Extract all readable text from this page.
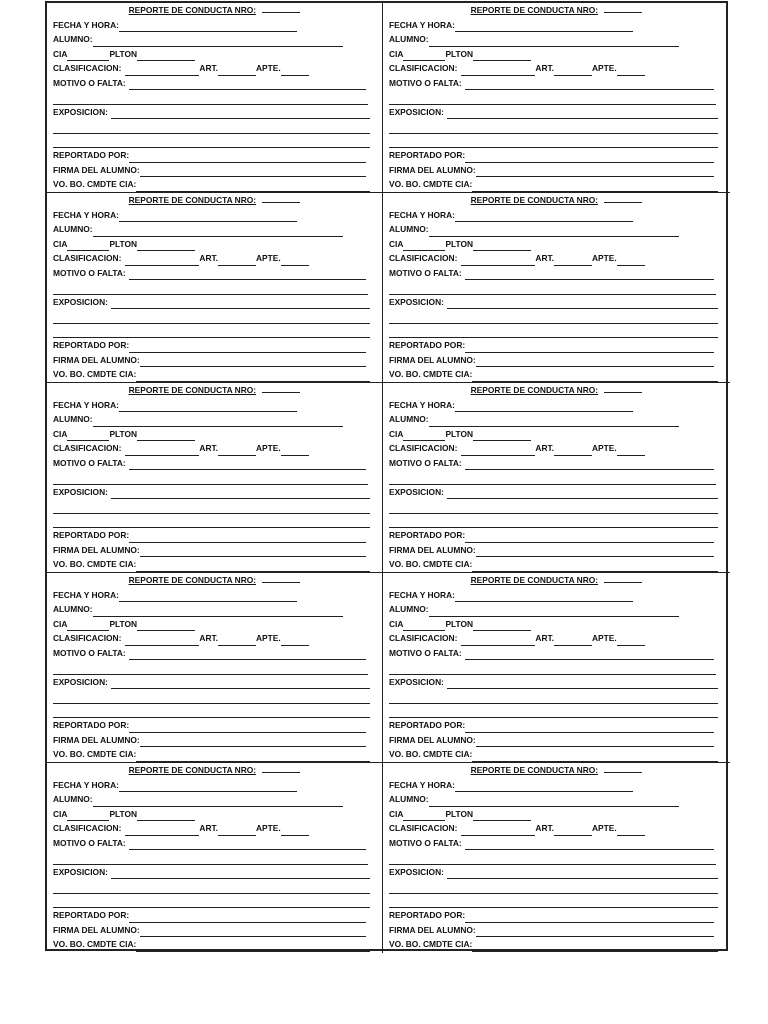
REPORTE DE CONDUCTA NRO:
FECHA Y HORA:
ALUMNO:
CIA	PLTON
CLASIFICACION:	ART.	APTE.
MOTIVO O FALTA:
EXPOSICION:
REPORTADO POR:
FIRMA DEL ALUMNO:
VO. BO. CMDTE CIA:
REPORTE DE CONDUCTA NRO:
FECHA Y HORA:
ALUMNO:
CIA	PLTON
CLASIFICACION:	ART.	APTE.
MOTIVO O FALTA:
EXPOSICION:
REPORTADO POR:
FIRMA DEL ALUMNO:
VO. BO. CMDTE CIA:
REPORTE DE CONDUCTA NRO:
FECHA Y HORA:
ALUMNO:
CIA	PLTON
CLASIFICACION:	ART.	APTE.
MOTIVO O FALTA:
EXPOSICION:
REPORTADO POR:
FIRMA DEL ALUMNO:
VO. BO. CMDTE CIA:
REPORTE DE CONDUCTA NRO:
FECHA Y HORA:
ALUMNO:
CIA	PLTON
CLASIFICACION:	ART.	APTE.
MOTIVO O FALTA:
EXPOSICION:
REPORTADO POR:
FIRMA DEL ALUMNO:
VO. BO. CMDTE CIA:
REPORTE DE CONDUCTA NRO:
FECHA Y HORA:
ALUMNO:
CIA	PLTON
CLASIFICACION:	ART.	APTE.
MOTIVO O FALTA:
EXPOSICION:
REPORTADO POR:
FIRMA DEL ALUMNO:
VO. BO. CMDTE CIA:
REPORTE DE CONDUCTA NRO:
FECHA Y HORA:
ALUMNO:
CIA	PLTON
CLASIFICACION:	ART.	APTE.
MOTIVO O FALTA:
EXPOSICION:
REPORTADO POR:
FIRMA DEL ALUMNO:
VO. BO. CMDTE CIA:
REPORTE DE CONDUCTA NRO:
FECHA Y HORA:
ALUMNO:
CIA	PLTON
CLASIFICACION:	ART.	APTE.
MOTIVO O FALTA:
EXPOSICION:
REPORTADO POR:
FIRMA DEL ALUMNO:
VO. BO. CMDTE CIA:
REPORTE DE CONDUCTA NRO:
FECHA Y HORA:
ALUMNO:
CIA	PLTON
CLASIFICACION:	ART.	APTE.
MOTIVO O FALTA:
EXPOSICION:
REPORTADO POR:
FIRMA DEL ALUMNO:
VO. BO. CMDTE CIA:
REPORTE DE CONDUCTA NRO:
FECHA Y HORA:
ALUMNO:
CIA	PLTON
CLASIFICACION:	ART.	APTE.
MOTIVO O FALTA:
EXPOSICION:
REPORTADO POR:
FIRMA DEL ALUMNO:
VO. BO. CMDTE CIA:
REPORTE DE CONDUCTA NRO:
FECHA Y HORA:
ALUMNO:
CIA	PLTON
CLASIFICACION:	ART.	APTE.
MOTIVO O FALTA:
EXPOSICION:
REPORTADO POR:
FIRMA DEL ALUMNO:
VO. BO. CMDTE CIA:
